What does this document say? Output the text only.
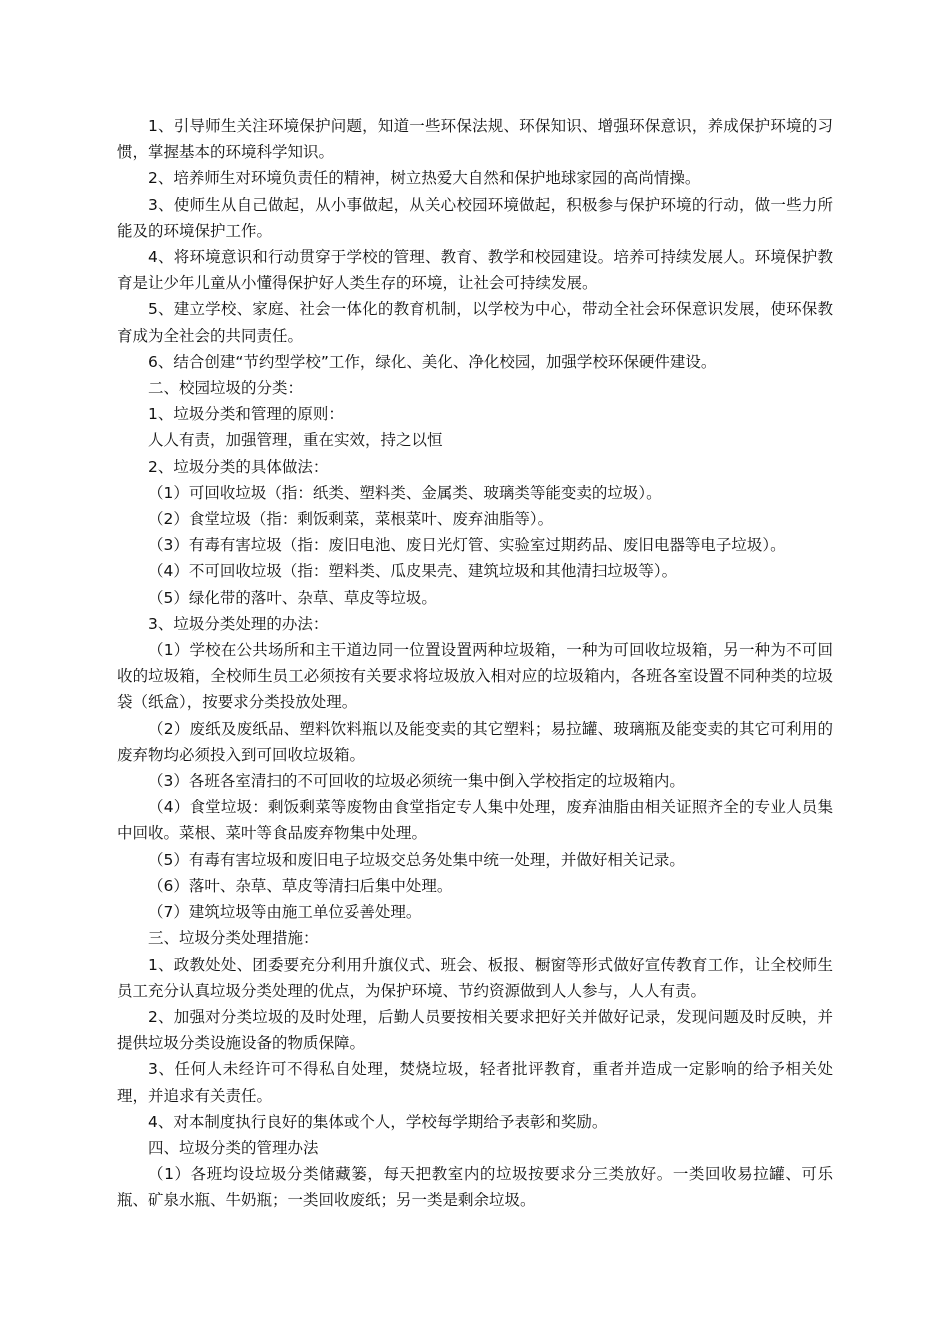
1、引导师生关注环境保护问题，知道一些环保法规、环保知识、增强环保意识，养成保护环境的习惯，掌握基本的环境科学知识。

2、培养师生对环境负责任的精神，树立热爱大自然和保护地球家园的高尚情操。

3、使师生从自己做起，从小事做起，从关心校园环境做起，积极参与保护环境的行动，做一些力所能及的环境保护工作。

4、将环境意识和行动贯穿于学校的管理、教育、教学和校园建设。培养可持续发展人。环境保护教育是让少年儿童从小懂得保护好人类生存的环境，让社会可持续发展。

5、建立学校、家庭、社会一体化的教育机制，以学校为中心，带动全社会环保意识发展，使环保教育成为全社会的共同责任。

6、结合创建“节约型学校”工作，绿化、美化、净化校园，加强学校环保硬件建设。

二、校园垃圾的分类：

1、垃圾分类和管理的原则：

人人有责，加强管理，重在实效，持之以恒

2、垃圾分类的具体做法：

（1）可回收垃圾（指：纸类、塑料类、金属类、玻璃类等能变卖的垃圾）。

（2）食堂垃圾（指：剩饭剩菜，菜根菜叶、废弃油脂等）。

（3）有毒有害垃圾（指：废旧电池、废日光灯管、实验室过期药品、废旧电器等电子垃圾）。

（4）不可回收垃圾（指：塑料类、瓜皮果壳、建筑垃圾和其他清扫垃圾等）。

（5）绿化带的落叶、杂草、草皮等垃圾。

3、垃圾分类处理的办法：

（1）学校在公共场所和主干道边同一位置设置两种垃圾箱，一种为可回收垃圾箱，另一种为不可回收的垃圾箱，全校师生员工必须按有关要求将垃圾放入相对应的垃圾箱内，各班各室设置不同种类的垃圾袋（纸盒），按要求分类投放处理。

（2）废纸及废纸品、塑料饮料瓶以及能变卖的其它塑料；易拉罐、玻璃瓶及能变卖的其它可利用的废弃物均必须投入到可回收垃圾箱。

（3）各班各室清扫的不可回收的垃圾必须统一集中倒入学校指定的垃圾箱内。

（4）食堂垃圾：剩饭剩菜等废物由食堂指定专人集中处理，废弃油脂由相关证照齐全的专业人员集中回收。菜根、菜叶等食品废弃物集中处理。

（5）有毒有害垃圾和废旧电子垃圾交总务处集中统一处理，并做好相关记录。

（6）落叶、杂草、草皮等清扫后集中处理。

（7）建筑垃圾等由施工单位妥善处理。

三、垃圾分类处理措施：

1、政教处处、团委要充分利用升旗仪式、班会、板报、橱窗等形式做好宣传教育工作，让全校师生员工充分认真垃圾分类处理的优点，为保护环境、节约资源做到人人参与，人人有责。

2、加强对分类垃圾的及时处理，后勤人员要按相关要求把好关并做好记录，发现问题及时反映，并提供垃圾分类设施设备的物质保障。

3、任何人未经许可不得私自处理，焚烧垃圾，轻者批评教育，重者并造成一定影响的给予相关处理，并追求有关责任。

4、对本制度执行良好的集体或个人，学校每学期给予表彰和奖励。

四、垃圾分类的管理办法

（1）各班均设垃圾分类储藏篓，每天把教室内的垃圾按要求分三类放好。一类回收易拉罐、可乐瓶、矿泉水瓶、牛奶瓶；一类回收废纸；另一类是剩余垃圾。
